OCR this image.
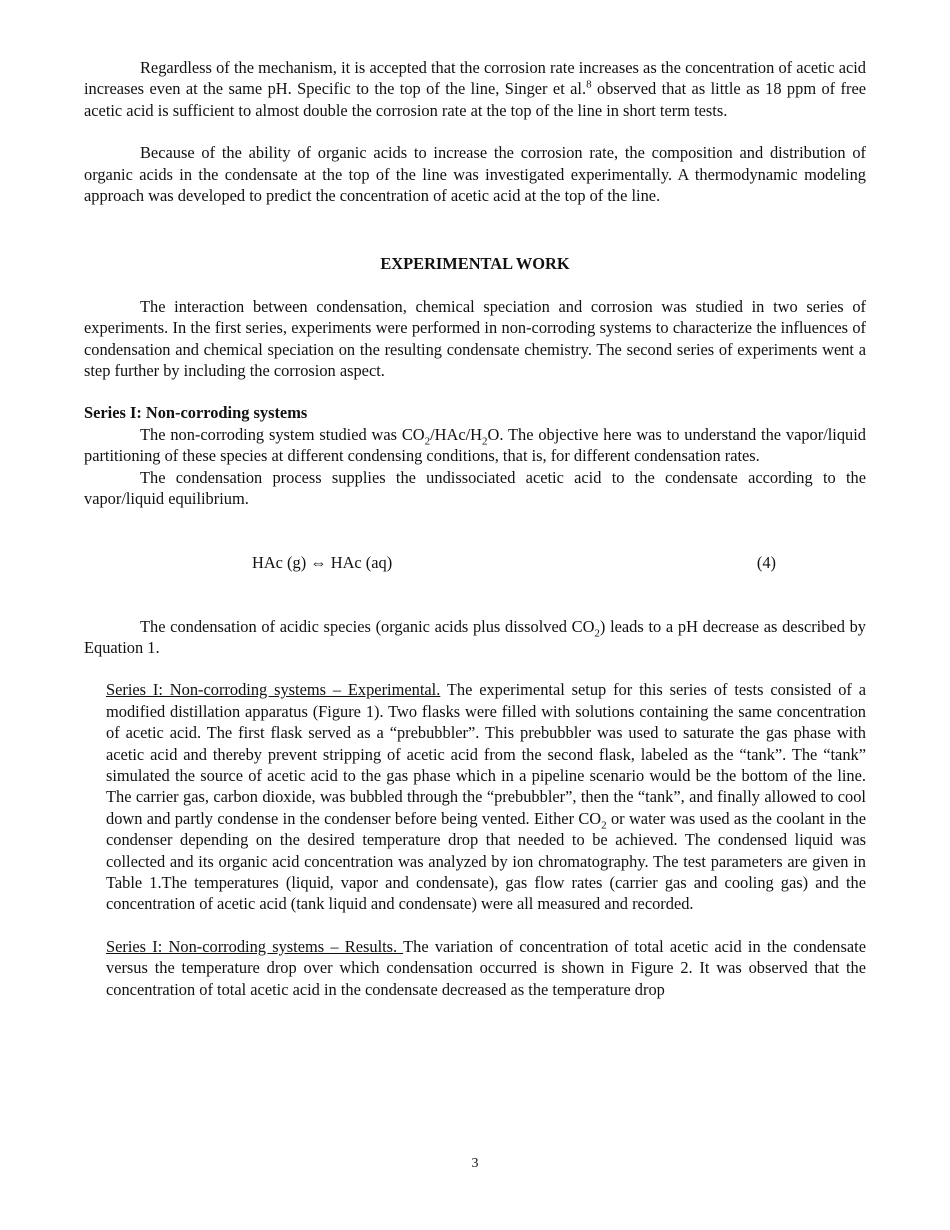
Regardless of the mechanism, it is accepted that the corrosion rate increases as the concentration of acetic acid increases even at the same pH. Specific to the top of the line, Singer et al.$^8$ observed that as little as 18 ppm of free acetic acid is sufficient to almost double the corrosion rate at the top of the line in short term tests.

Because of the ability of organic acids to increase the corrosion rate, the composition and distribution of organic acids in the condensate at the top of the line was investigated experimentally. A thermodynamic modeling approach was developed to predict the concentration of acetic acid at the top of the line.

EXPERIMENTAL WORK

The interaction between condensation, chemical speciation and corrosion was studied in two series of experiments. In the first series, experiments were performed in non-corroding systems to characterize the influences of condensation and chemical speciation on the resulting condensate chemistry. The second series of experiments went a step further by including the corrosion aspect.

Series I: Non-corroding systems

The non-corroding system studied was $CO_2/HAc/H_2O$. The objective here was to understand the vapor/liquid partitioning of these species at different condensing conditions, that is, for different condensation rates.

The condensation process supplies the undissociated acetic acid to the condensate according to the vapor/liquid equilibrium.

HAc (g) ⇔ HAc (aq)	(4)

The condensation of acidic species (organic acids plus dissolved $CO_2$) leads to a pH decrease as described by Equation 1.

Series I: Non-corroding systems – Experimental. The experimental setup for this series of tests consisted of a modified distillation apparatus (Figure 1). Two flasks were filled with solutions containing the same concentration of acetic acid. The first flask served as a “prebubbler”. This prebubbler was used to saturate the gas phase with acetic acid and thereby prevent stripping of acetic acid from the second flask, labeled as the “tank”. The “tank” simulated the source of acetic acid to the gas phase which in a pipeline scenario would be the bottom of the line. The carrier gas, carbon dioxide, was bubbled through the “prebubbler”, then the “tank”, and finally allowed to cool down and partly condense in the condenser before being vented. Either $CO_2$ or water was used as the coolant in the condenser depending on the desired temperature drop that needed to be achieved. The condensed liquid was collected and its organic acid concentration was analyzed by ion chromatography. The test parameters are given in Table 1.The temperatures (liquid, vapor and condensate), gas flow rates (carrier gas and cooling gas) and the concentration of acetic acid (tank liquid and condensate) were all measured and recorded.

Series I: Non-corroding systems – Results. The variation of concentration of total acetic acid in the condensate versus the temperature drop over which condensation occurred is shown in Figure 2. It was observed that the concentration of total acetic acid in the condensate decreased as the temperature drop

3
